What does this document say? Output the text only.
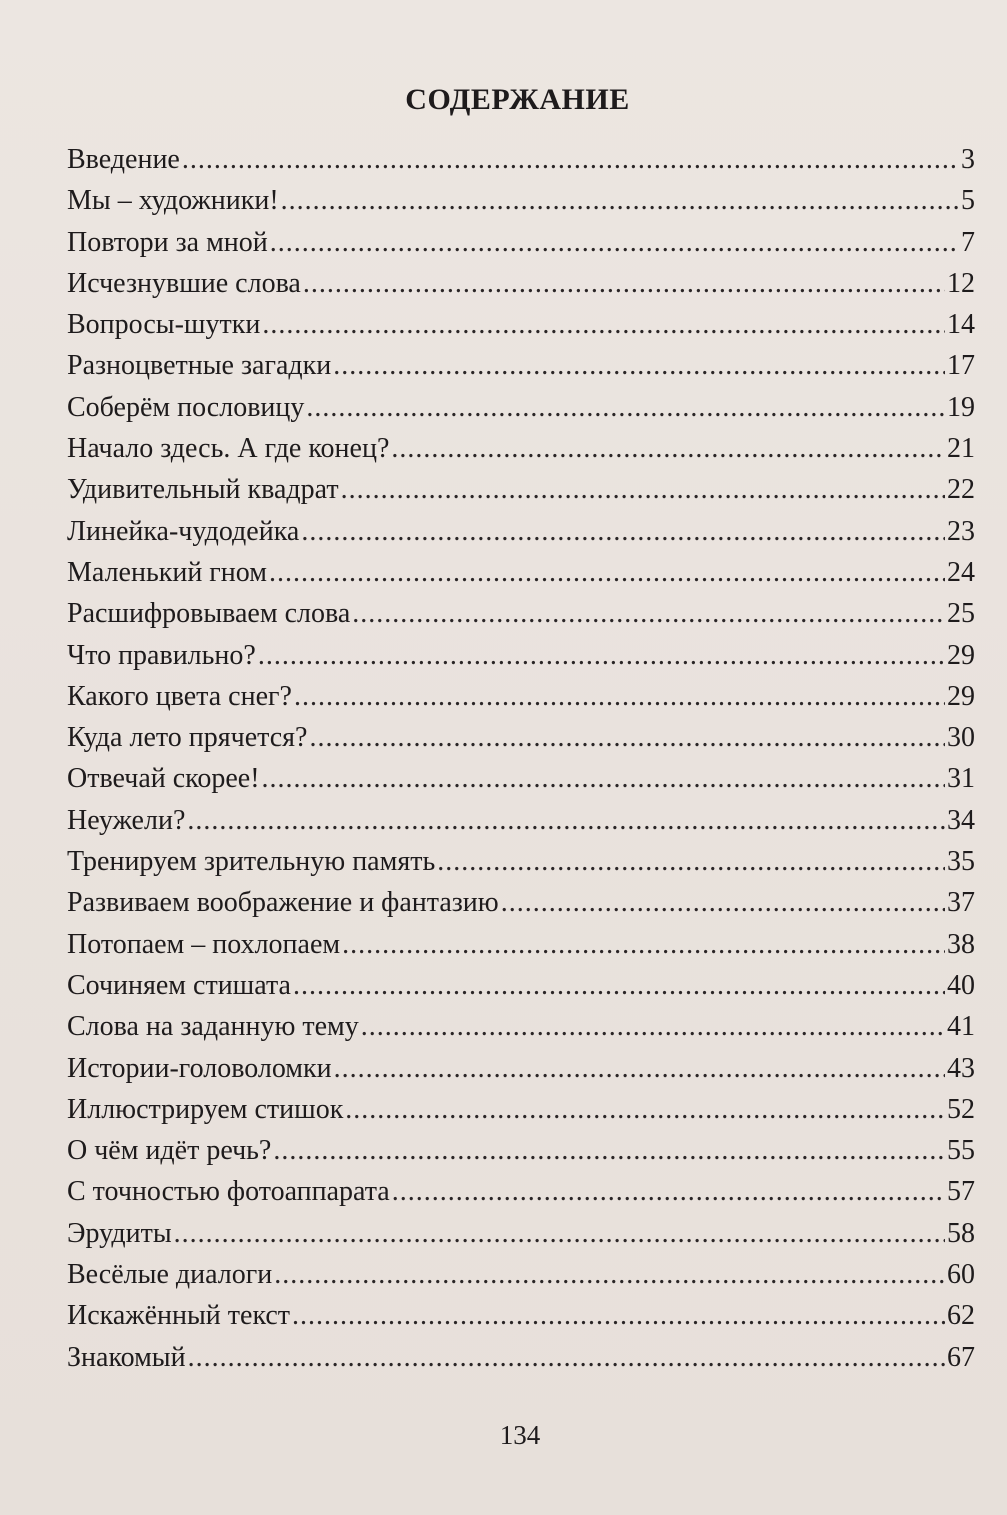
СОДЕРЖАНИЕ
Введение .....	3
Мы – художники! .....	5
Повтори за мной .....	7
Исчезнувшие слова .....	12
Вопросы-шутки .....	14
Разноцветные загадки .....	17
Соберём пословицу .....	19
Начало здесь. А где конец? .....	21
Удивительный квадрат .....	22
Линейка-чудодейка .....	23
Маленький гном .....	24
Расшифровываем слова .....	25
Что правильно? .....	29
Какого цвета снег? .....	29
Куда лето прячется? .....	30
Отвечай скорее! .....	31
Неужели? .....	34
Тренируем зрительную память .....	35
Развиваем воображение и фантазию .....	37
Потопаем – похлопаем .....	38
Сочиняем стишата .....	40
Слова на заданную тему .....	41
Истории-головоломки .....	43
Иллюстрируем стишок .....	52
О чём идёт речь? .....	55
С точностью фотоаппарата .....	57
Эрудиты .....	58
Весёлые диалоги .....	60
Искажённый текст .....	62
Знакомый .....	67
134
